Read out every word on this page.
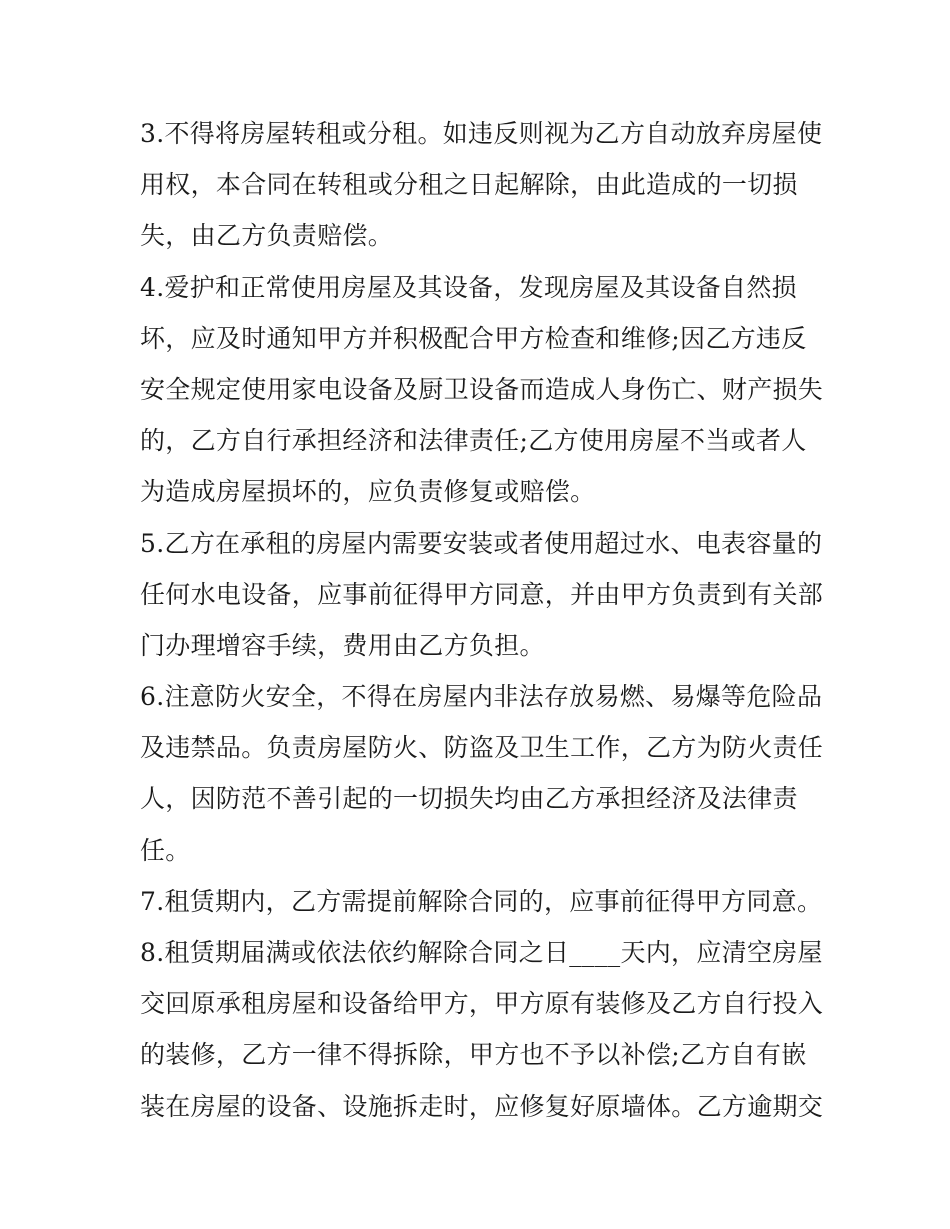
3.不得将房屋转租或分租。如违反则视为乙方自动放弃房屋使
用权，本合同在转租或分租之日起解除，由此造成的一切损
失，由乙方负责赔偿。
4.爱护和正常使用房屋及其设备，发现房屋及其设备自然损
坏，应及时通知甲方并积极配合甲方检查和维修;因乙方违反
安全规定使用家电设备及厨卫设备而造成人身伤亡、财产损失
的，乙方自行承担经济和法律责任;乙方使用房屋不当或者人
为造成房屋损坏的，应负责修复或赔偿。
5.乙方在承租的房屋内需要安装或者使用超过水、电表容量的
任何水电设备，应事前征得甲方同意，并由甲方负责到有关部
门办理增容手续，费用由乙方负担。
6.注意防火安全，不得在房屋内非法存放易燃、易爆等危险品
及违禁品。负责房屋防火、防盗及卫生工作，乙方为防火责任
人，因防范不善引起的一切损失均由乙方承担经济及法律责
任。
7.租赁期内，乙方需提前解除合同的，应事前征得甲方同意。
8.租赁期届满或依法依约解除合同之日____天内，应清空房屋
交回原承租房屋和设备给甲方，甲方原有装修及乙方自行投入
的装修，乙方一律不得拆除，甲方也不予以补偿;乙方自有嵌
装在房屋的设备、设施拆走时，应修复好原墙体。乙方逾期交
